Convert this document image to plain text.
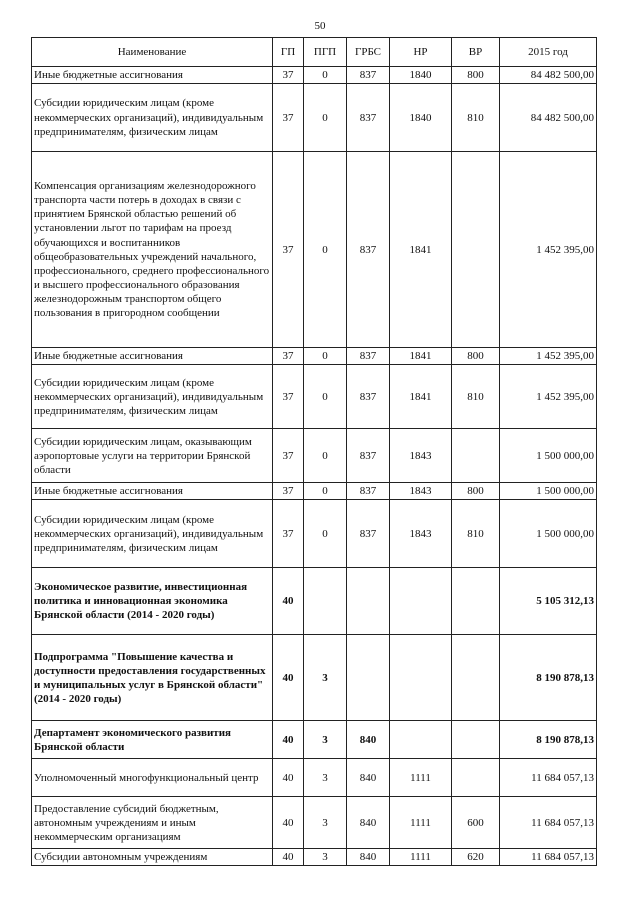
50
Наименование	ГП	ПГП	ГРБС	НР	ВР	2015 год
Иные бюджетные ассигнования	37	0	837	1840	800	84 482 500,00
Субсидии юридическим лицам (кроме некоммерческих организаций), индивидуальным предпринимателям, физическим лицам	37	0	837	1840	810	84 482 500,00
Компенсация организациям железнодорожного транспорта части потерь в доходах в связи с принятием Брянской областью решений об установлении льгот по тарифам на проезд обучающихся и воспитанников общеобразовательных учреждений начального, профессионального, среднего профессионального и высшего профессионального образования железнодорожным транспортом общего пользования в пригородном сообщении	37	0	837	1841		1 452 395,00
Иные бюджетные ассигнования	37	0	837	1841	800	1 452 395,00
Субсидии юридическим лицам (кроме некоммерческих организаций), индивидуальным предпринимателям, физическим лицам	37	0	837	1841	810	1 452 395,00
Субсидии юридическим лицам, оказывающим аэропортовые услуги на территории Брянской области	37	0	837	1843		1 500 000,00
Иные бюджетные ассигнования	37	0	837	1843	800	1 500 000,00
Субсидии юридическим лицам (кроме некоммерческих организаций), индивидуальным предпринимателям, физическим лицам	37	0	837	1843	810	1 500 000,00
Экономическое развитие, инвестиционная политика и инновационная экономика Брянской области (2014 - 2020 годы)	40					5 105 312,13
Подпрограмма "Повышение качества и доступности предоставления государственных и муниципальных услуг в Брянской области" (2014 - 2020 годы)	40	3				8 190 878,13
Департамент экономического развития Брянской области	40	3	840			8 190 878,13
Уполномоченный многофункциональный центр	40	3	840	1111		11 684 057,13
Предоставление субсидий бюджетным, автономным учреждениям и иным некоммерческим организациям	40	3	840	1111	600	11 684 057,13
Субсидии автономным учреждениям	40	3	840	1111	620	11 684 057,13
